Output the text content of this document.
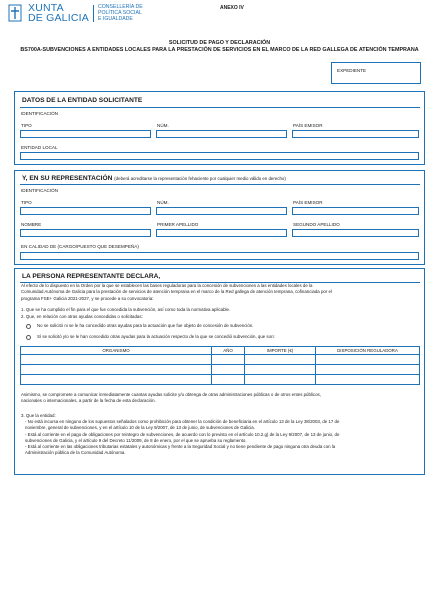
XUNTA
DE GALICIA
CONSELLERÍA DE
POLÍTICA SOCIAL
E IGUALDADE
ANEXO IV
SOLICITUD DE PAGO Y DECLARACIÓN
BS700A-SUBVENCIONES A ENTIDADES LOCALES PARA LA PRESTACIÓN DE SERVICIOS EN EL MARCO DE LA RED GALLEGA DE ATENCIÓN TEMPRANA
EXPEDIENTE
DATOS DE LA ENTIDAD SOLICITANTE
IDENTIFICACIÓN
TIPO	NÚM.	PAÍS EMISOR
ENTIDAD LOCAL
Y, EN SU REPRESENTACIÓN (deberá acreditarse la representación fehaciente por cualquier medio válido en derecho)
IDENTIFICACIÓN
TIPO	NÚM.	PAÍS EMISOR
NOMBRE	PRIMER APELLIDO	SEGUNDO APELLIDO
EN CALIDAD DE (CARGO/PUESTO QUE DESEMPEÑA)
LA PERSONA REPRESENTANTE DECLARA,
Al efecto de lo dispuesto en la Orden por la que se establecen las bases reguladoras para la concesión de subvenciones a las entidades locales de la
Comunidad Autónoma de Galicia para la prestación de servicios de atención temprana en el marco de la Red gallega de atención temprana, cofinanciada por el
programa FSE+ Galicia 2021-2027, y se procede a su convocatoria:
1. Que se ha cumplido el fin para el que fue concedida la subvención, así como toda la normativa aplicable.
2. Que, en relación con otras ayudas concedidas o solicitadas:
No se solicitó ni se le ha concedido otras ayudas para la actuación que fue objeto de concesión de subvención.
Sí se solicitó y/o se le han concedido otras ayudas para la actuación respecto de la que se concedió subvención, que son:
ORGANISMO	AÑO	IMPORTE (€)	DISPOSICIÓN REGULADORA

Asimismo, se compromete a comunicar inmediatamente cuantas ayudas solicite y/u obtenga de otras administraciones públicas o de otros entes públicos,
nacionales o internacionales, a partir de la fecha de esta declaración.
3. Que la entidad:
- No está incursa en ninguno de los supuestos señalados como prohibición para obtener la condición de beneficiaria en el artículo 13 de la Ley 38/2003, de 17 de
noviembre, general de subvenciones, y en el artículo 10 de la Ley 9/2007, de 13 de junio, de subvenciones de Galicia.
- Está al corriente en el pago de obligaciones por reintegro de subvenciones, de acuerdo con lo previsto en el artículo 10.2.g) de la Ley 9/2007, de 13 de junio, de
subvenciones de Galicia, y el artículo 9 del Decreto 11/2009, de 8 de enero, por el que se aprueba su reglamento.
- Está al corriente en las obligaciones tributarias estatales y autonómicas y frente a la Seguridad Social y no tiene pendiente de pago ninguna otra deuda con la
Administración pública de la Comunidad Autónoma.
